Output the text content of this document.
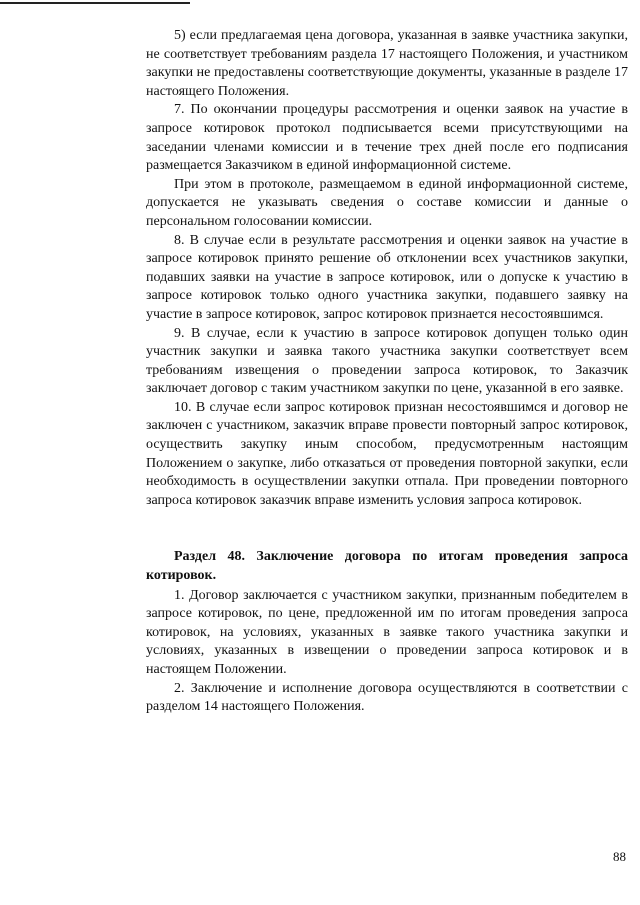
5) если предлагаемая цена договора, указанная в заявке участника закупки, не соответствует требованиям раздела 17 настоящего Положения, и участником закупки не предоставлены соответствующие документы, указанные в разделе 17 настоящего Положения.

7. По окончании процедуры рассмотрения и оценки заявок на участие в запросе котировок протокол подписывается всеми присутствующими на заседании членами комиссии и в течение трех дней после его подписания размещается Заказчиком в единой информационной системе.

При этом в протоколе, размещаемом в единой информационной системе, допускается не указывать сведения о составе комиссии и данные о персональном голосовании комиссии.

8. В случае если в результате рассмотрения и оценки заявок на участие в запросе котировок принято решение об отклонении всех участников закупки, подавших заявки на участие в запросе котировок, или о допуске к участию в запросе котировок только одного участника закупки, подавшего заявку на участие в запросе котировок, запрос котировок признается несостоявшимся.

9. В случае, если к участию в запросе котировок допущен только один участник закупки и заявка такого участника закупки соответствует всем требованиям извещения о проведении запроса котировок, то Заказчик заключает договор с таким участником закупки по цене, указанной в его заявке.

10. В случае если запрос котировок признан несостоявшимся и договор не заключен с участником, заказчик вправе провести повторный запрос котировок, осуществить закупку иным способом, предусмотренным настоящим Положением о закупке, либо отказаться от проведения повторной закупки, если необходимость в осуществлении закупки отпала. При проведении повторного запроса котировок заказчик вправе изменить условия запроса котировок.

Раздел 48. Заключение договора по итогам проведения запроса котировок.

1. Договор заключается с участником закупки, признанным победителем в запросе котировок, по цене, предложенной им по итогам проведения запроса котировок, на условиях, указанных в заявке такого участника закупки и условиях, указанных в извещении о проведении запроса котировок и в настоящем Положении.

2. Заключение и исполнение договора осуществляются в соответствии с разделом 14 настоящего Положения.

88
